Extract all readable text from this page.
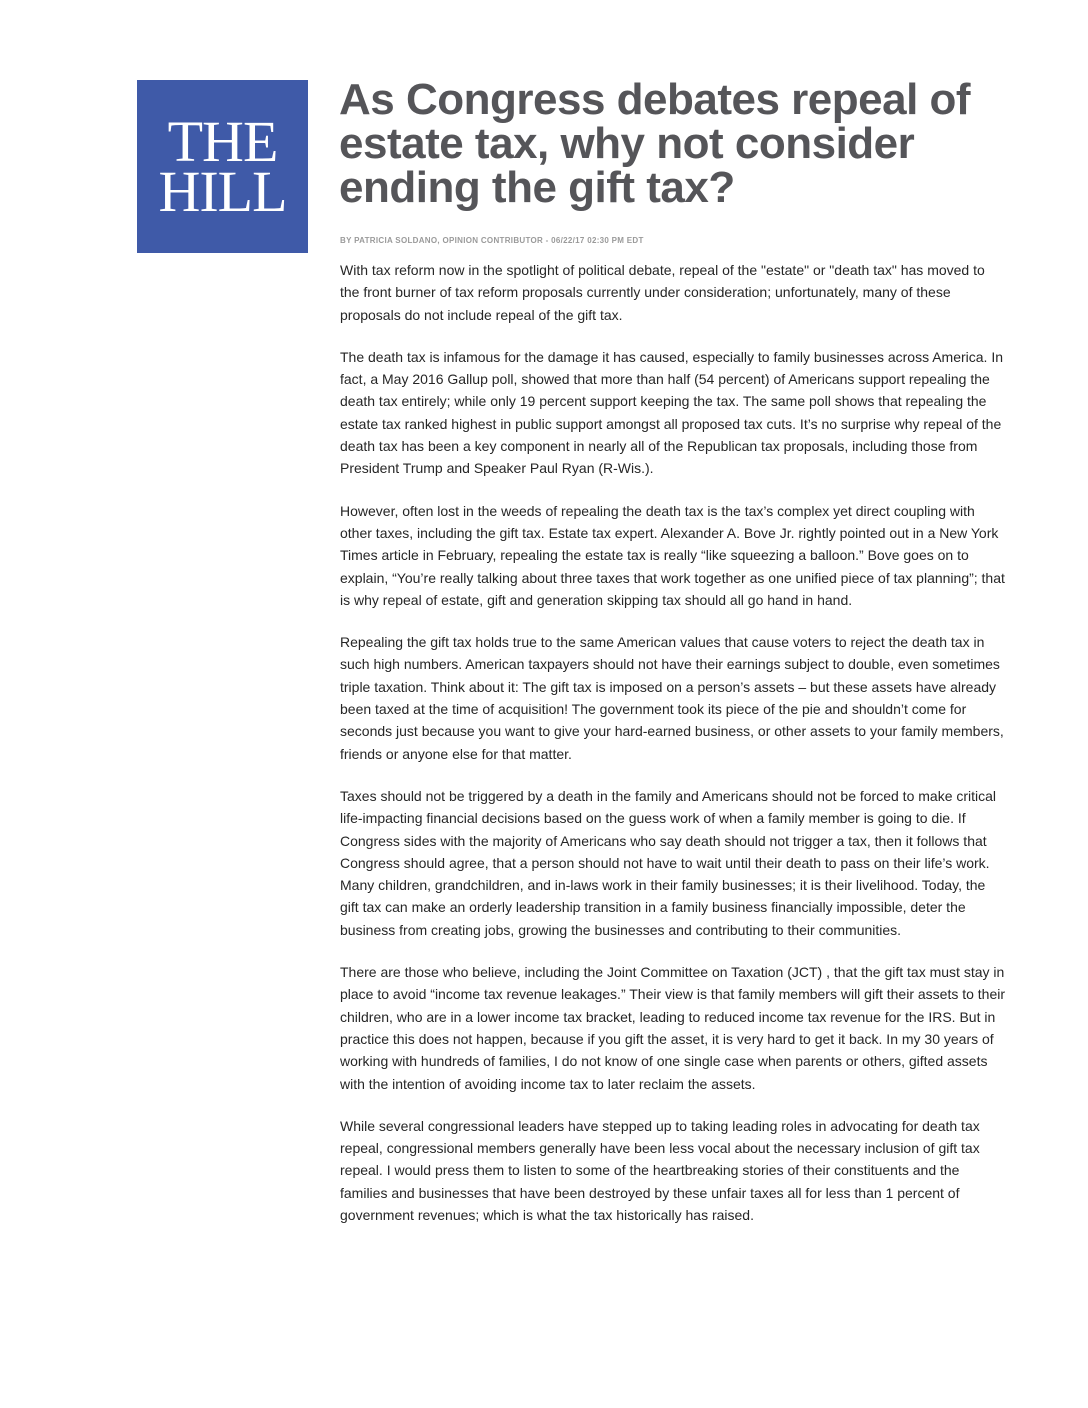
THE
HILL
As Congress debates repeal of estate tax, why not consider ending the gift tax?
BY PATRICIA SOLDANO, OPINION CONTRIBUTOR - 06/22/17 02:30 PM EDT

With tax reform now in the spotlight of political debate, repeal of the "estate" or "death tax" has moved to the front burner of tax reform proposals currently under consideration; unfortunately, many of these proposals do not include repeal of the gift tax.

The death tax is infamous for the damage it has caused, especially to family businesses across America. In fact, a May 2016 Gallup poll, showed that more than half (54 percent) of Americans support repealing the death tax entirely; while only 19 percent support keeping the tax. The same poll shows that repealing the estate tax ranked highest in public support amongst all proposed tax cuts. It’s no surprise why repeal of the death tax has been a key component in nearly all of the Republican tax proposals, including those from President Trump and Speaker Paul Ryan (R-Wis.).

However, often lost in the weeds of repealing the death tax is the tax’s complex yet direct coupling with other taxes, including the gift tax. Estate tax expert. Alexander A. Bove Jr. rightly pointed out in a New York Times article in February, repealing the estate tax is really “like squeezing a balloon.” Bove goes on to explain, “You’re really talking about three taxes that work together as one unified piece of tax planning”; that is why repeal of estate, gift and generation skipping tax should all go hand in hand.

Repealing the gift tax holds true to the same American values that cause voters to reject the death tax in such high numbers. American taxpayers should not have their earnings subject to double, even sometimes triple taxation. Think about it: The gift tax is imposed on a person’s assets – but these assets have already been taxed at the time of acquisition! The government took its piece of the pie and shouldn’t come for seconds just because you want to give your hard-earned business, or other assets to your family members, friends or anyone else for that matter.

Taxes should not be triggered by a death in the family and Americans should not be forced to make critical life-impacting financial decisions based on the guess work of when a family member is going to die. If Congress sides with the majority of Americans who say death should not trigger a tax, then it follows that Congress should agree, that a person should not have to wait until their death to pass on their life’s work. Many children, grandchildren, and in-laws work in their family businesses; it is their livelihood. Today, the gift tax can make an orderly leadership transition in a family business financially impossible, deter the business from creating jobs, growing the businesses and contributing to their communities.

There are those who believe, including the Joint Committee on Taxation (JCT) , that the gift tax must stay in place to avoid “income tax revenue leakages.” Their view is that family members will gift their assets to their children, who are in a lower income tax bracket, leading to reduced income tax revenue for the IRS. But in practice this does not happen, because if you gift the asset, it is very hard to get it back. In my 30 years of working with hundreds of families, I do not know of one single case when parents or others, gifted assets with the intention of avoiding income tax to later reclaim the assets.

While several congressional leaders have stepped up to taking leading roles in advocating for death tax repeal, congressional members generally have been less vocal about the necessary inclusion of gift tax repeal. I would press them to listen to some of the heartbreaking stories of their constituents and the families and businesses that have been destroyed by these unfair taxes all for less than 1 percent of government revenues; which is what the tax historically has raised.
